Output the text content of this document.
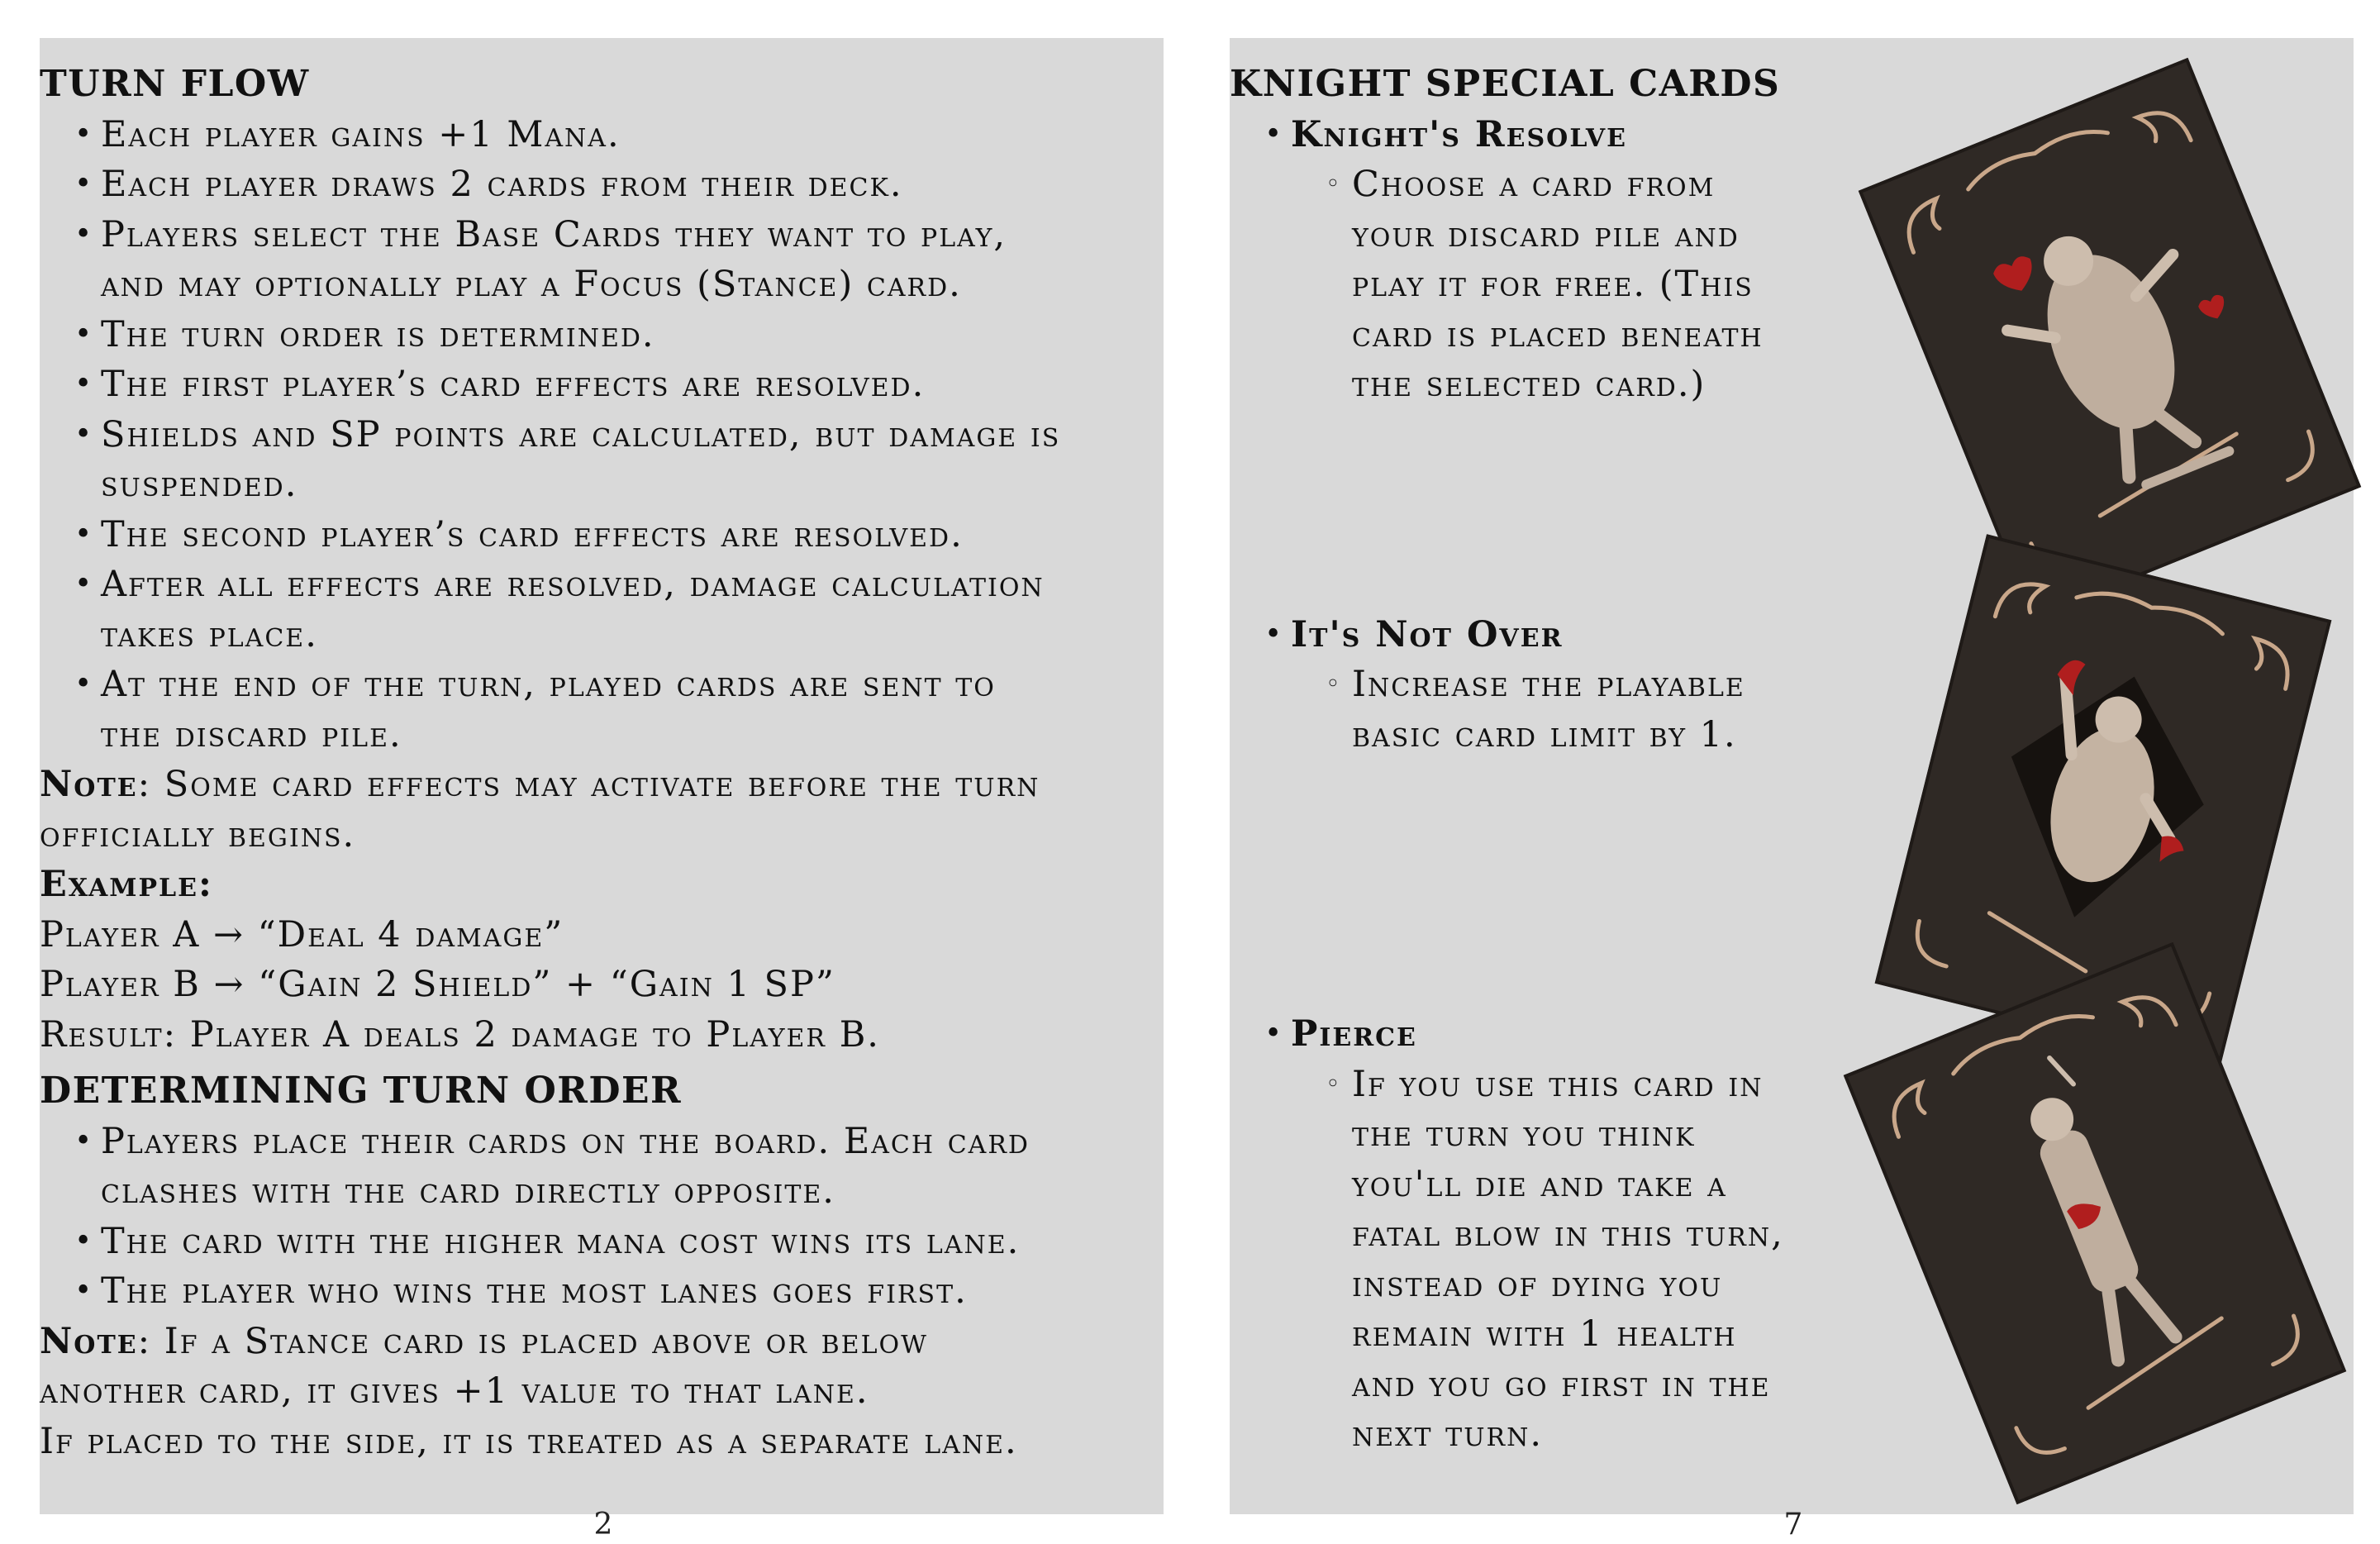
TURN FLOW
• Each player gains +1 Mana.
• Each player draws 2 cards from their deck.
• Players select the Base Cards they want to play,
and may optionally play a Focus (Stance) card.
• The turn order is determined.
• The first player’s card effects are resolved.
• Shields and SP points are calculated, but damage is
suspended.
• The second player’s card effects are resolved.
• After all effects are resolved, damage calculation
takes place.
• At the end of the turn, played cards are sent to
the discard pile.
Note: Some card effects may activate before the turn
officially begins.
Example:
Player A → “Deal 4 damage”
Player B → “Gain 2 Shield” + “Gain 1 SP”
Result: Player A deals 2 damage to Player B.
DETERMINING TURN ORDER
• Players place their cards on the board. Each card
clashes with the card directly opposite.
• The card with the higher mana cost wins its lane.
• The player who wins the most lanes goes first.
Note: If a Stance card is placed above or below
another card, it gives +1 value to that lane.
If placed to the side, it is treated as a separate lane.
2
KNIGHT SPECIAL CARDS
• Knight's Resolve
◦ Choose a card from
your discard pile and
play it for free. (This
card is placed beneath
the selected card.)
• It's Not Over
◦ Increase the playable
basic card limit by 1.
• Pierce
◦ If you use this card in
the turn you think
you'll die and take a
fatal blow in this turn,
instead of dying you
remain with 1 health
and you go first in the
next turn.
7
